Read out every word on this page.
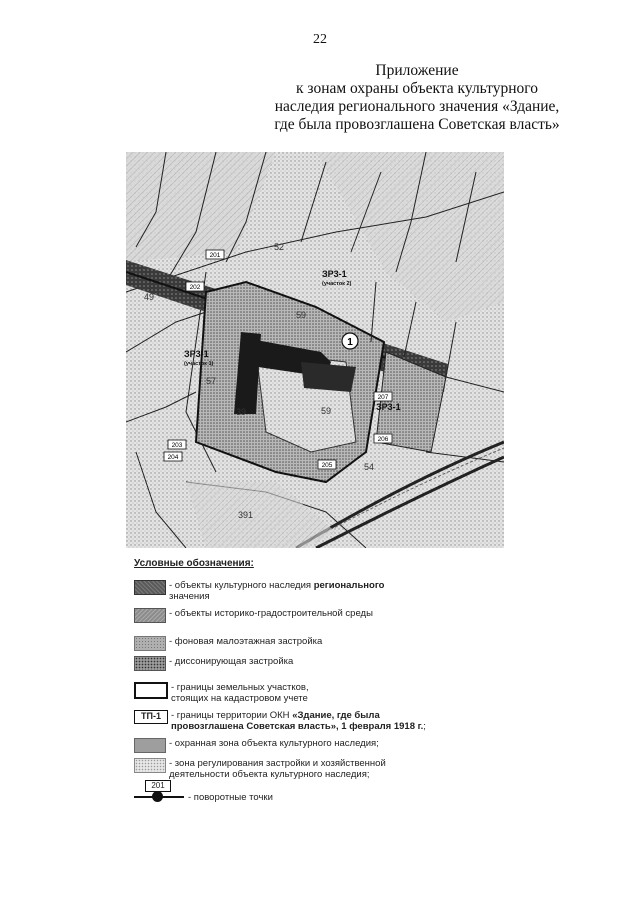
22
Приложение
к зонам охраны объекта культурного
наследия регионального значения «Здание,
где была провозглашена Советская власть»
201
202
203
204
205
206
207
ЗР3-1
(участок 2)
ЗР3-1
(участок 1)
ЗР3-1
1
59
59
39
52
391
49
57
54
Условные обозначения:
- объекты культурного наследия регионального
значения
- объекты историко-градостроительной среды
- фоновая малоэтажная застройка
- диссонирующая застройка
- границы земельных участков,
стоящих на кадастровом учете
ТП-1	- границы территории ОКН «Здание, где была
провозглашена Советская власть», 1 февраля 1918 г.;
- охранная зона объекта культурного наследия;
- зона регулирования застройки и хозяйственной
деятельности объекта культурного наследия;
201
- поворотные точки
